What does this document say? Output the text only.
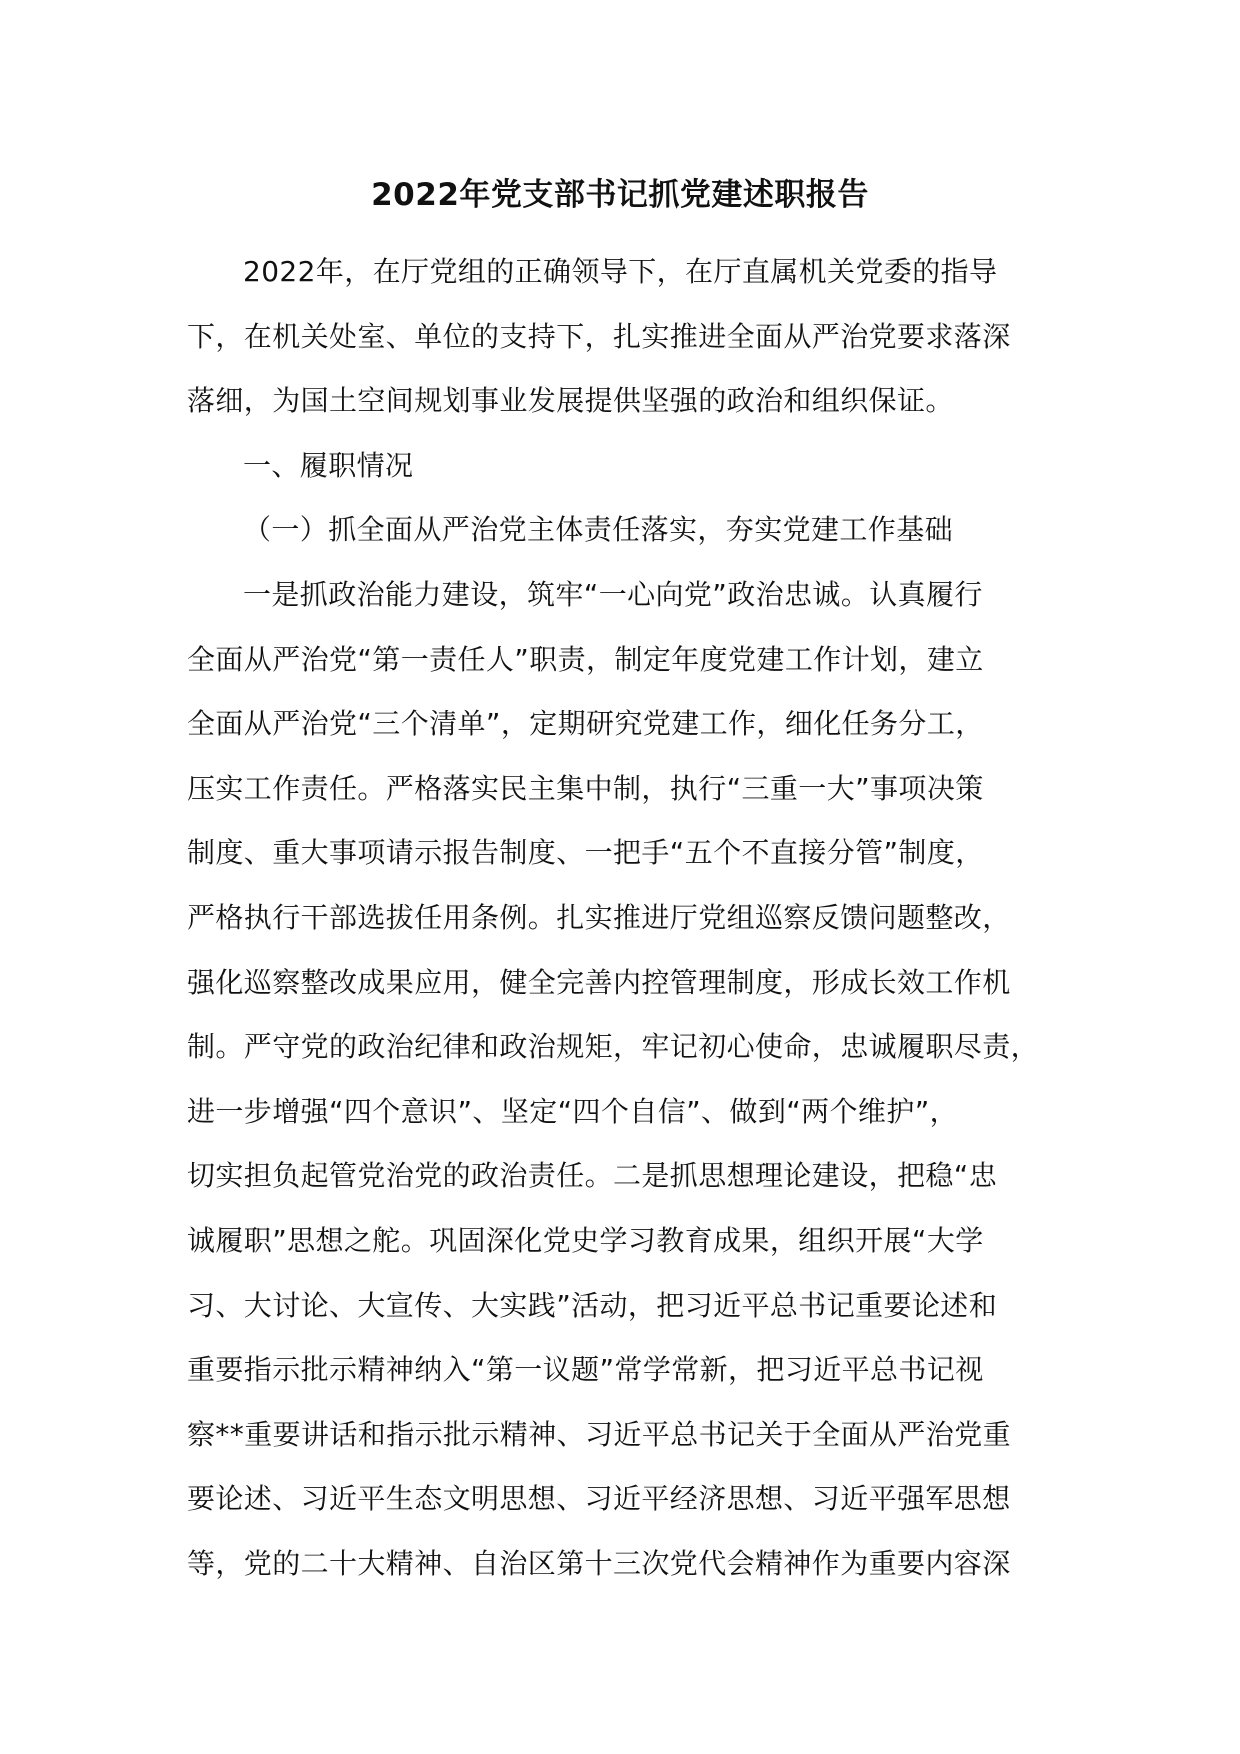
2022年党支部书记抓党建述职报告
2022年，在厅党组的正确领导下，在厅直属机关党委的指导
下，在机关处室、单位的支持下，扎实推进全面从严治党要求落深
落细，为国土空间规划事业发展提供坚强的政治和组织保证。
一、履职情况
（一）抓全面从严治党主体责任落实，夯实党建工作基础
一是抓政治能力建设，筑牢“一心向党”政治忠诚。认真履行
全面从严治党“第一责任人”职责，制定年度党建工作计划，建立
全面从严治党“三个清单”，定期研究党建工作，细化任务分工，
压实工作责任。严格落实民主集中制，执行“三重一大”事项决策
制度、重大事项请示报告制度、一把手“五个不直接分管”制度，
严格执行干部选拔任用条例。扎实推进厅党组巡察反馈问题整改，
强化巡察整改成果应用，健全完善内控管理制度，形成长效工作机
制。严守党的政治纪律和政治规矩，牢记初心使命，忠诚履职尽责，
进一步增强“四个意识”、坚定“四个自信”、做到“两个维护”，
切实担负起管党治党的政治责任。二是抓思想理论建设，把稳“忠
诚履职”思想之舵。巩固深化党史学习教育成果，组织开展“大学
习、大讨论、大宣传、大实践”活动，把习近平总书记重要论述和
重要指示批示精神纳入“第一议题”常学常新，把习近平总书记视
察**重要讲话和指示批示精神、习近平总书记关于全面从严治党重
要论述、习近平生态文明思想、习近平经济思想、习近平强军思想
等，党的二十大精神、自治区第十三次党代会精神作为重要内容深
